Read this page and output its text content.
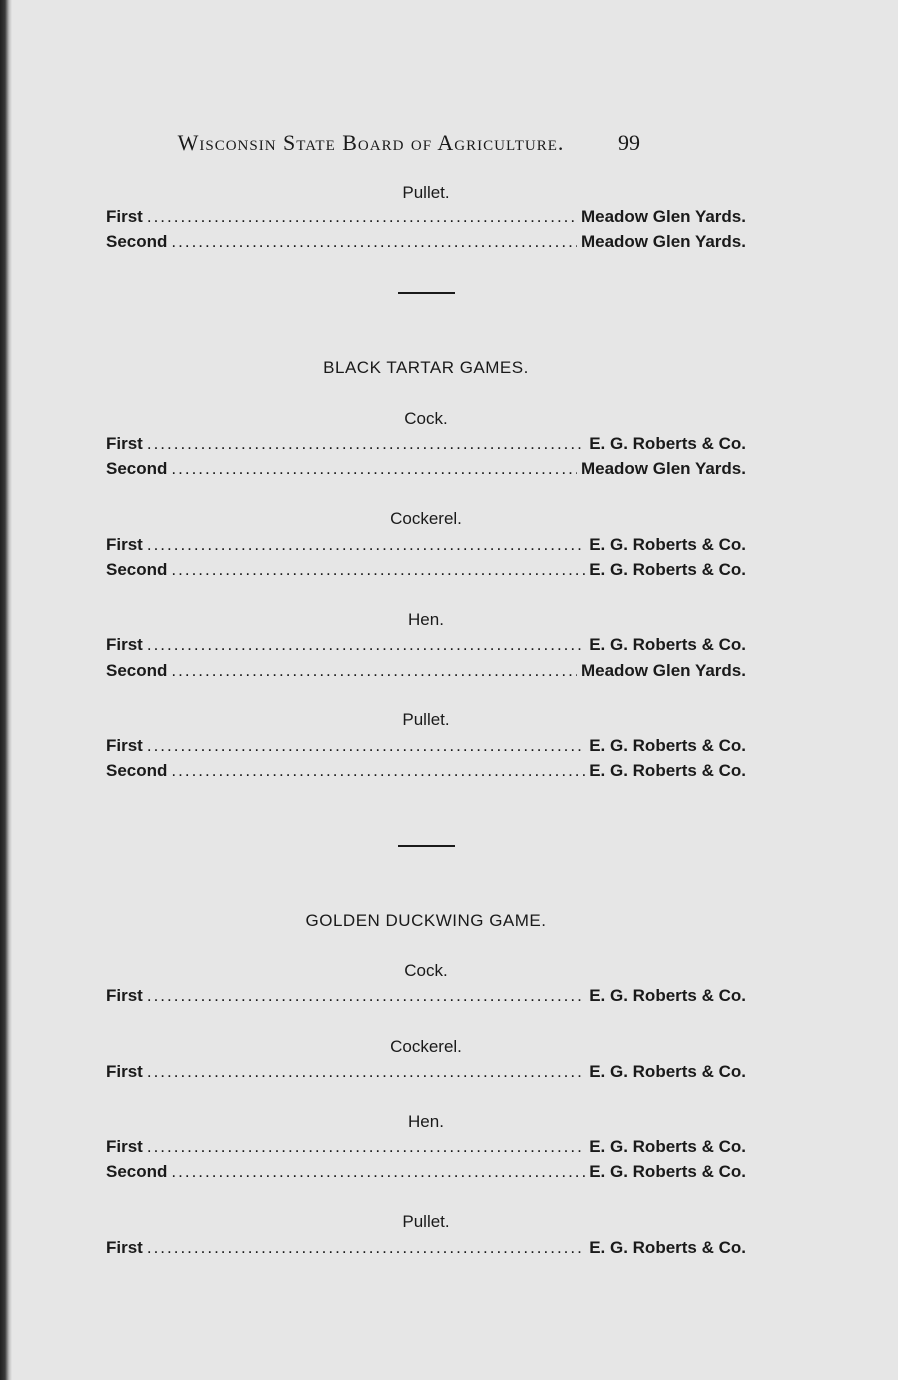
Wisconsin State Board of Agriculture.	99
Pullet.
First .....	Meadow Glen Yards.
Second .....	Meadow Glen Yards.
BLACK TARTAR GAMES.
Cock.
First .....	E. G. Roberts & Co.
Second .....	Meadow Glen Yards.
Cockerel.
First .....	E. G. Roberts & Co.
Second .....	E. G. Roberts & Co.
Hen.
First .....	E. G. Roberts & Co.
Second .....	Meadow Glen Yards.
Pullet.
First .....	E. G. Roberts & Co.
Second .....	E. G. Roberts & Co.
GOLDEN DUCKWING GAME.
Cock.
First .....	E. G. Roberts & Co.
Cockerel.
First .....	E. G. Roberts & Co.
Hen.
First .....	E. G. Roberts & Co.
Second .....	E. G. Roberts & Co.
Pullet.
First .....	E. G. Roberts & Co.
